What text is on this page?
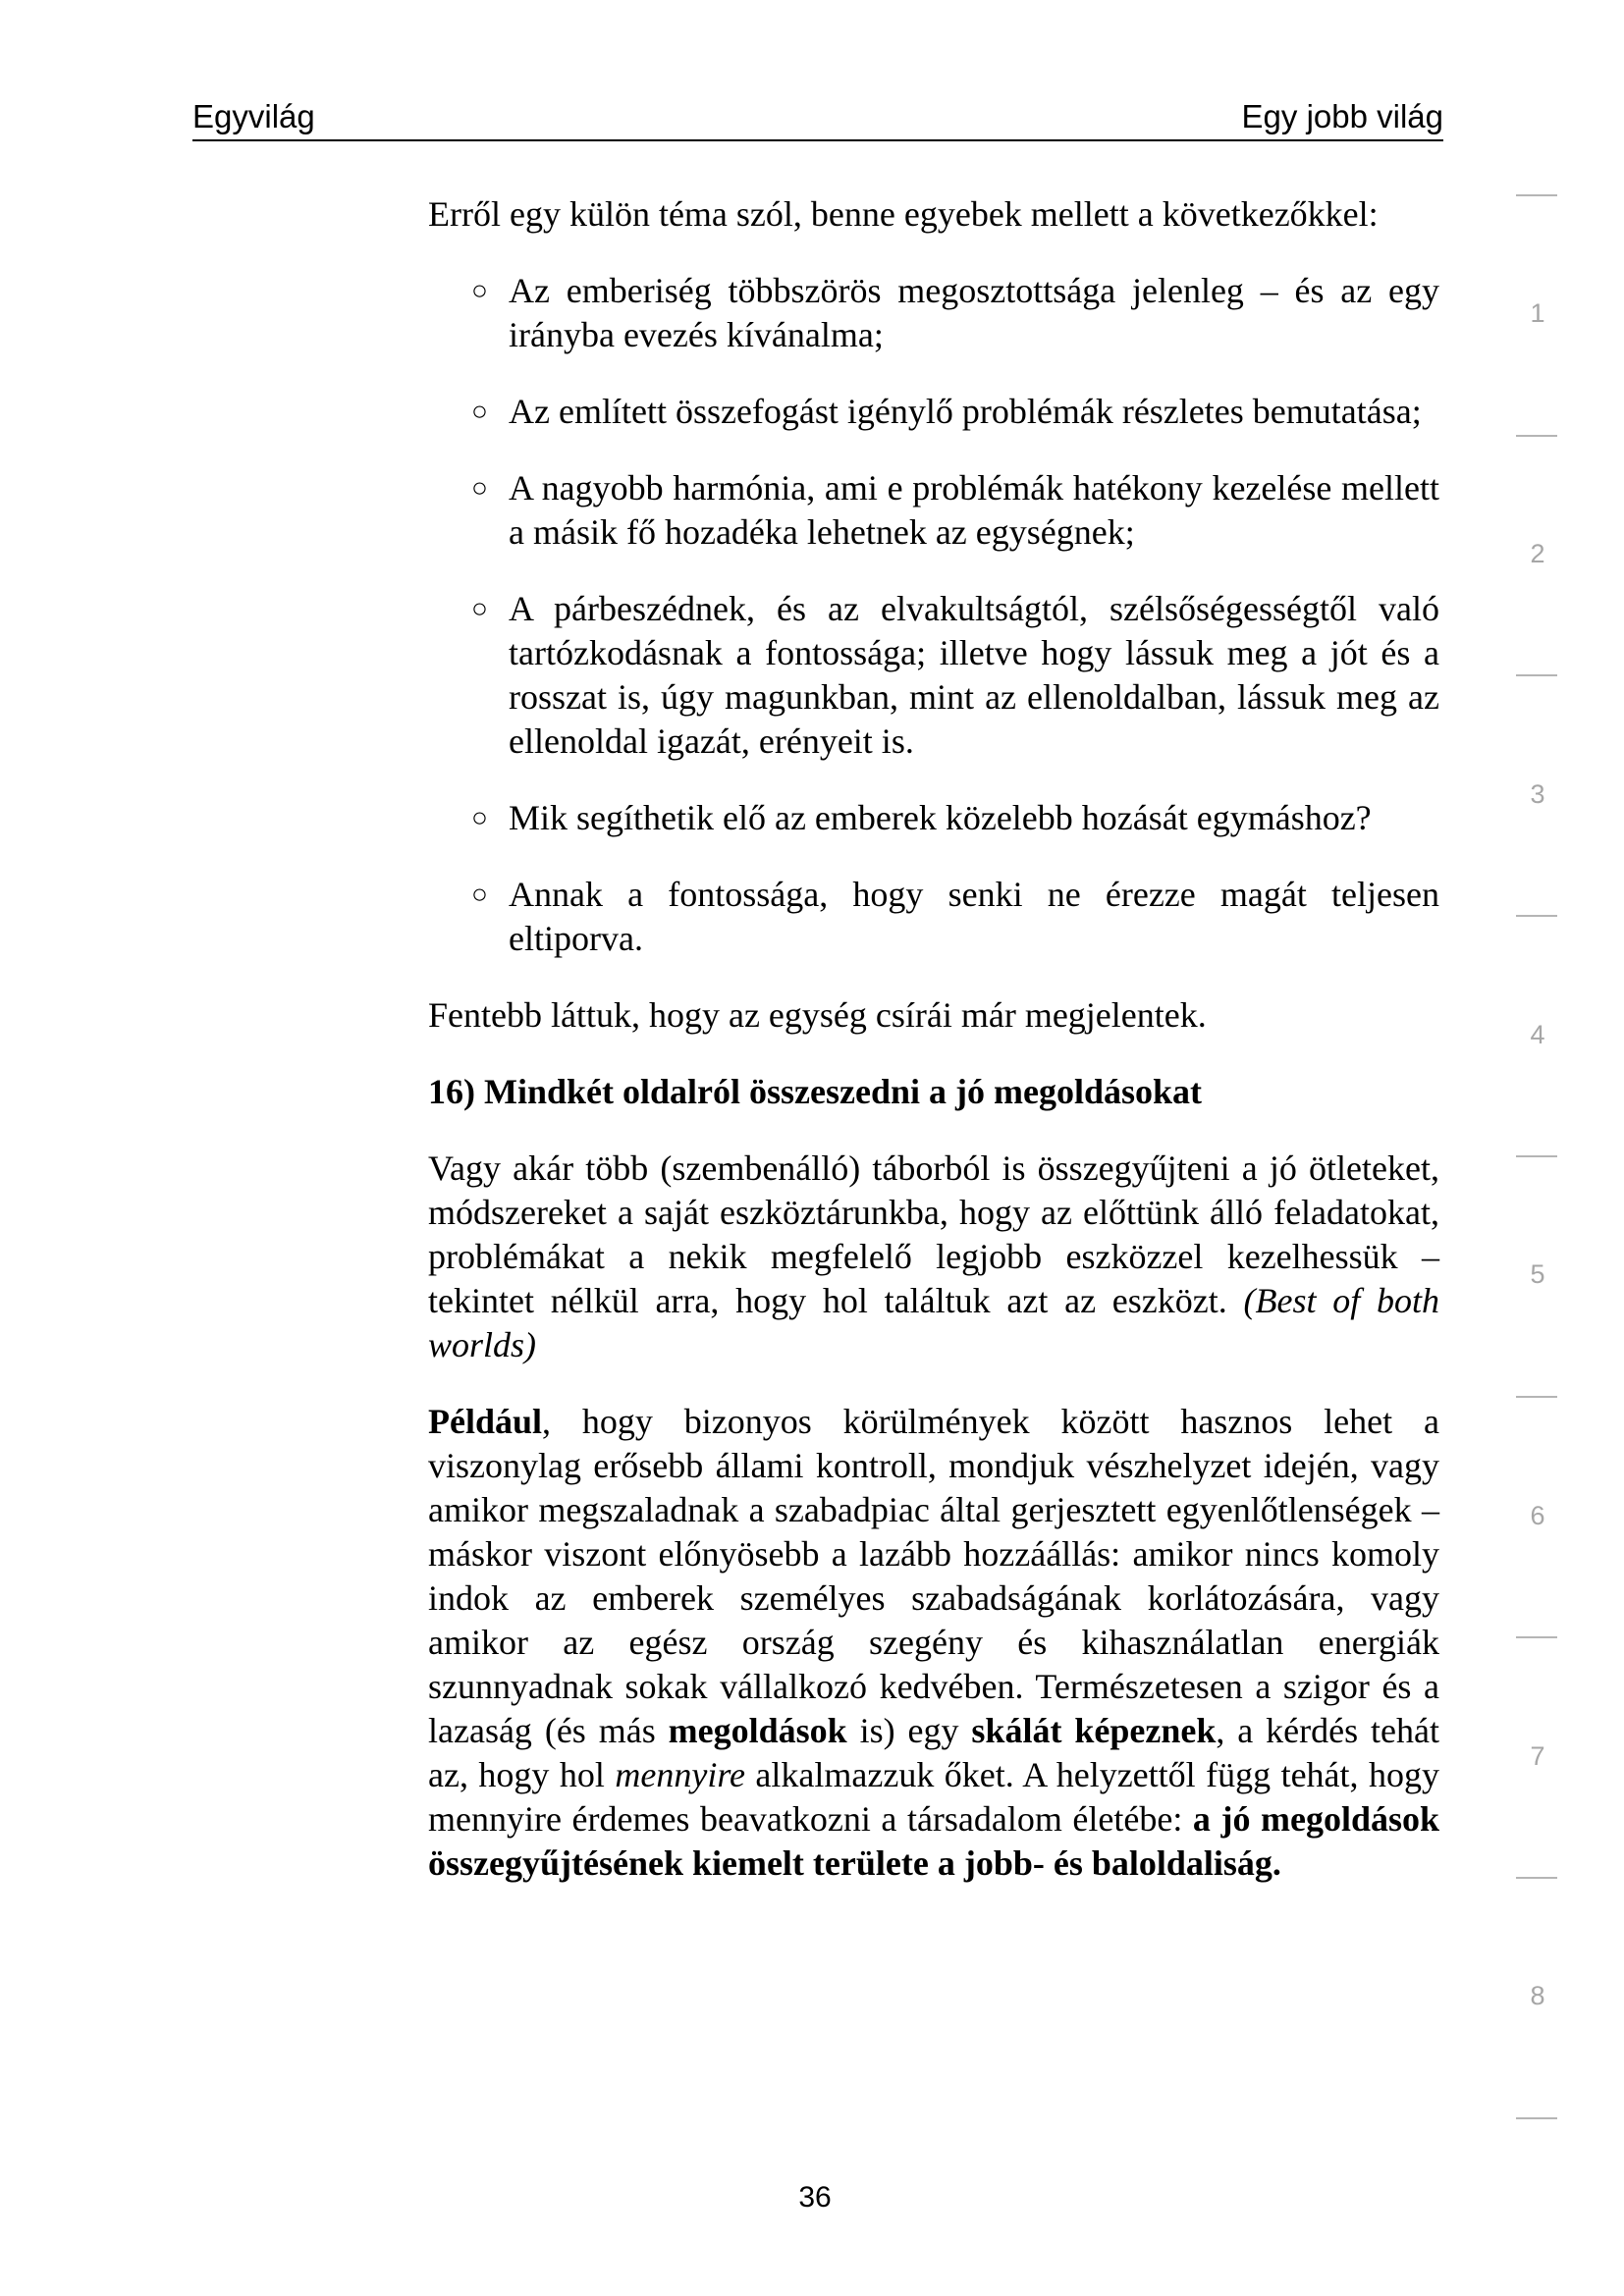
Egyvilág	Egy jobb világ

Erről egy külön téma szól, benne egyebek mellett a következőkkel:

○ Az emberiség többszörös megosztottsága jelenleg – és az egy irányba evezés kívánalma;
○ Az említett összefogást igénylő problémák részletes bemutatása;
○ A nagyobb harmónia, ami e problémák hatékony kezelése mellett a másik fő hozadéka lehetnek az egységnek;
○ A párbeszédnek, és az elvakultságtól, szélsőségességtől való tartózkodásnak a fontossága; illetve hogy lássuk meg a jót és a rosszat is, úgy magunkban, mint az ellenoldalban, lássuk meg az ellenoldal igazát, erényeit is.
○ Mik segíthetik elő az emberek közelebb hozását egymáshoz?
○ Annak a fontossága, hogy senki ne érezze magát teljesen eltiporva.

Fentebb láttuk, hogy az egység csírái már megjelentek.

16) Mindkét oldalról összeszedni a jó megoldásokat

Vagy akár több (szembenálló) táborból is összegyűjteni a jó ötleteket, módszereket a saját eszköztárunkba, hogy az előttünk álló feladatokat, problémákat a nekik megfelelő legjobb eszközzel kezelhessük – tekintet nélkül arra, hogy hol találtuk azt az eszközt. (Best of both worlds)

Például, hogy bizonyos körülmények között hasznos lehet a viszonylag erősebb állami kontroll, mondjuk vészhelyzet idején, vagy amikor megszaladnak a szabadpiac által gerjesztett egyenlőtlenségek – máskor viszont előnyösebb a lazább hozzáállás: amikor nincs komoly indok az emberek személyes szabadságának korlátozására, vagy amikor az egész ország szegény és kihasználatlan energiák szunnyadnak sokak vállalkozó kedvében. Természetesen a szigor és a lazaság (és más megoldások is) egy skálát képeznek, a kérdés tehát az, hogy hol mennyire alkalmazzuk őket. A helyzettől függ tehát, hogy mennyire érdemes beavatkozni a társadalom életébe: a jó megoldások összegyűjtésének kiemelt területe a jobb- és baloldaliság.

1
2
3
4
5
6
7
8
36
